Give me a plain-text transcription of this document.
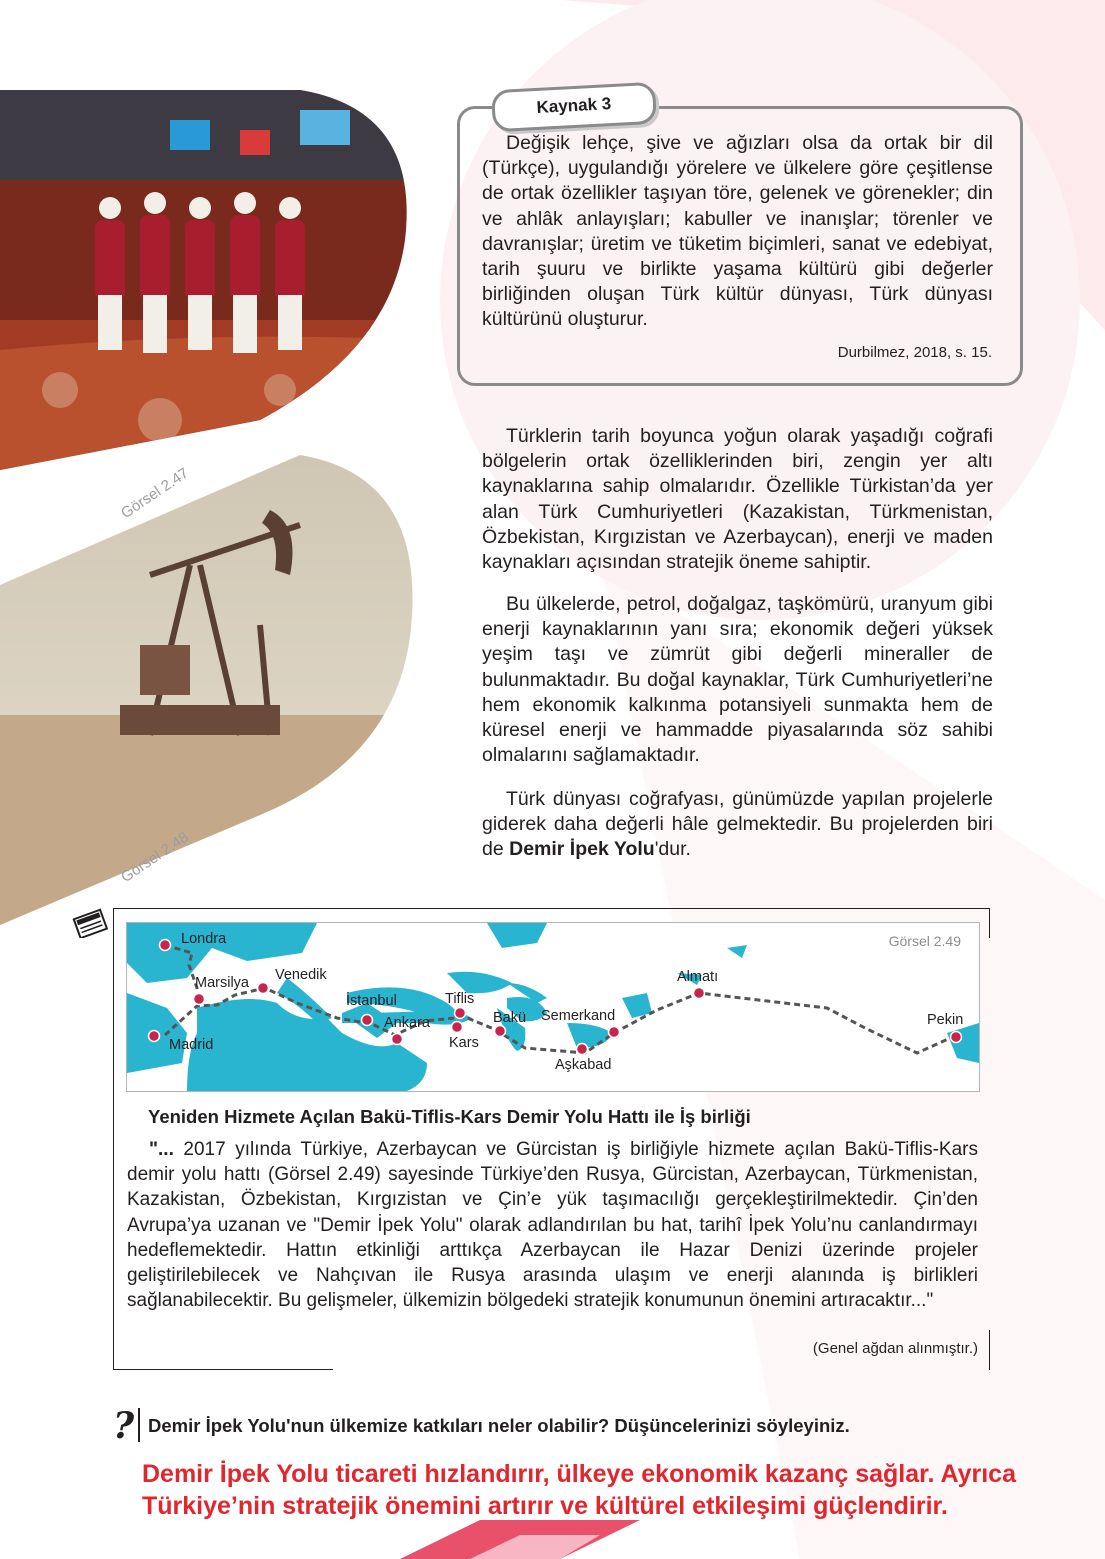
Görsel 2.47
Görsel 2.48
Kaynak 3

Değişik lehçe, şive ve ağızları olsa da ortak bir dil (Türkçe), uygulandığı yörelere ve ülkelere göre çeşitlense de ortak özellikler taşıyan töre, gelenek ve görenekler; din ve ahlâk anlayışları; kabuller ve inanışlar; törenler ve davranışlar; üretim ve tüketim biçimleri, sanat ve edebiyat, tarih şuuru ve birlikte yaşama kültürü gibi değerler birliğinden oluşan Türk kültür dünyası, Türk dünyası kültürünü oluşturur.

Durbilmez, 2018, s. 15.

Türklerin tarih boyunca yoğun olarak yaşadığı coğrafi bölgelerin ortak özelliklerinden biri, zengin yer altı kaynaklarına sahip olmalarıdır. Özellikle Türkistan’da yer alan Türk Cumhuriyetleri (Kazakistan, Türkmenistan, Özbekistan, Kırgızistan ve Azerbaycan), enerji ve maden kaynakları açısından stratejik öneme sahiptir.

Bu ülkelerde, petrol, doğalgaz, taşkömürü, uranyum gibi enerji kaynaklarının yanı sıra; ekonomik değeri yüksek yeşim taşı ve zümrüt gibi değerli mineraller de bulunmaktadır. Bu doğal kaynaklar, Türk Cumhuriyetleri’ne hem ekonomik kalkınma potansiyeli sunmakta hem de küresel enerji ve hammadde piyasalarında söz sahibi olmalarını sağlamaktadır.

Türk dünyası coğrafyası, günümüzde yapılan projelerle giderek daha değerli hâle gelmektedir. Bu projelerden biri de Demir İpek Yolu'dur.

Görsel 2.49
Londra
Marsilya Venedik
Madrid
İstanbul
Ankara
Tiflis
Kars
Bakü Semerkand
Aşkabad
Almatı
Pekin
Yeniden Hizmete Açılan Bakü-Tiflis-Kars Demir Yolu Hattı ile İş birliği

"... 2017 yılında Türkiye, Azerbaycan ve Gürcistan iş birliğiyle hizmete açılan Bakü-Tiflis-Kars demir yolu hattı (Görsel 2.49) sayesinde Türkiye’den Rusya, Gürcistan, Azerbaycan, Türkmenistan, Kazakistan, Özbekistan, Kırgızistan ve Çin’e yük taşımacılığı gerçekleştirilmektedir. Çin’den Avrupa’ya uzanan ve "Demir İpek Yolu" olarak adlandırılan bu hat, tarihî İpek Yolu’nu canlandırmayı hedeflemektedir. Hattın etkinliği arttıkça Azerbaycan ile Hazar Denizi üzerinde projeler geliştirilebilecek ve Nahçıvan ile Rusya arasında ulaşım ve enerji alanında iş birlikleri sağlanabilecektir. Bu gelişmeler, ülkemizin bölgedeki stratejik konumunun önemini artıracaktır..."

(Genel ağdan alınmıştır.)
? Demir İpek Yolu'nun ülkemize katkıları neler olabilir? Düşüncelerinizi söyleyiniz.

Demir İpek Yolu ticareti hızlandırır, ülkeye ekonomik kazanç sağlar. Ayrıca Türkiye’nin stratejik önemini artırır ve kültürel etkileşimi güçlendirir.
